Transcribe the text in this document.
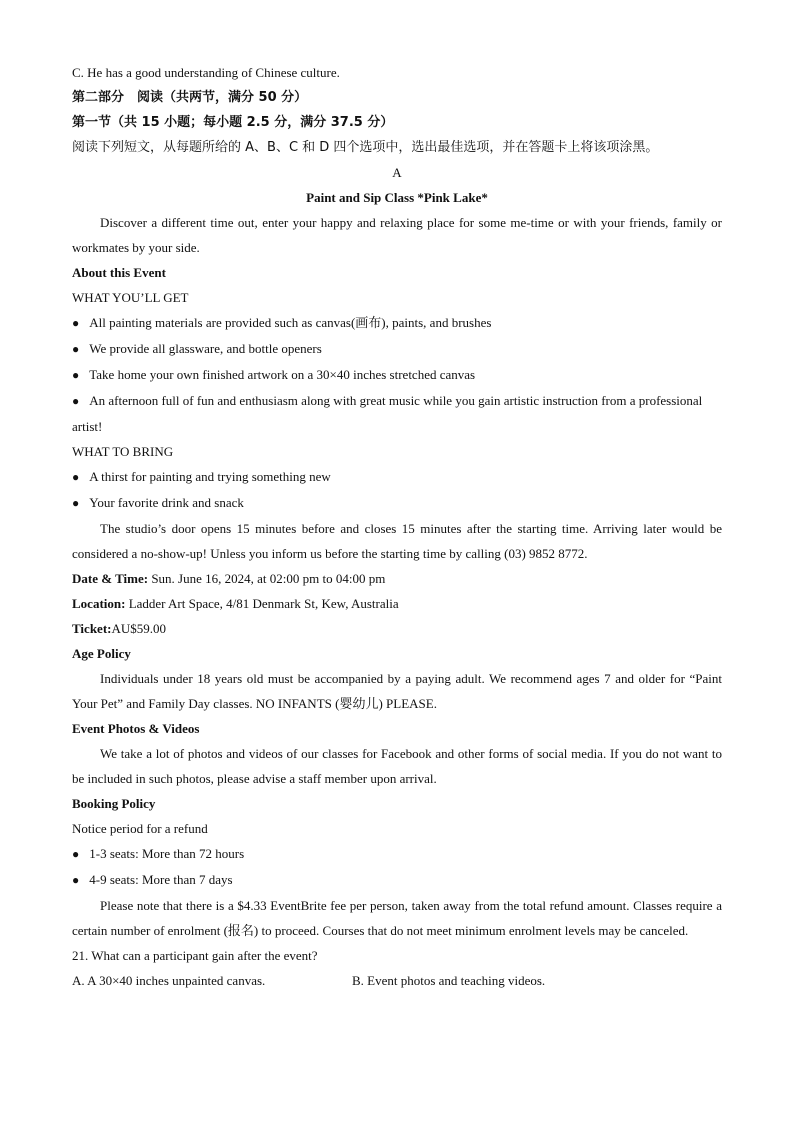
C. He has a good understanding of Chinese culture.
第二部分　阅读（共两节，满分 50 分）
第一节（共 15 小题；每小题 2.5 分，满分 37.5 分）
阅读下列短文，从每题所给的 A、B、C 和 D 四个选项中，选出最佳选项，并在答题卡上将该项涂黑。
A
Paint and Sip Class *Pink Lake*
Discover a different time out, enter your happy and relaxing place for some me-time or with your friends, family or workmates by your side.
About this Event
WHAT YOU’LL GET
● All painting materials are provided such as canvas(画布), paints, and brushes
● We provide all glassware, and bottle openers
● Take home your own finished artwork on a 30×40 inches stretched canvas
● An afternoon full of fun and enthusiasm along with great music while you gain artistic instruction from a professional artist!
WHAT TO BRING
● A thirst for painting and trying something new
● Your favorite drink and snack
The studio’s door opens 15 minutes before and closes 15 minutes after the starting time. Arriving later would be considered a no-show-up! Unless you inform us before the starting time by calling (03) 9852 8772.
Date & Time: Sun. June 16, 2024, at 02:00 pm to 04:00 pm
Location: Ladder Art Space, 4/81 Denmark St, Kew, Australia
Ticket:AU$59.00
Age Policy
Individuals under 18 years old must be accompanied by a paying adult. We recommend ages 7 and older for “Paint Your Pet” and Family Day classes. NO INFANTS (婴幼儿) PLEASE.
Event Photos & Videos
We take a lot of photos and videos of our classes for Facebook and other forms of social media. If you do not want to be included in such photos, please advise a staff member upon arrival.
Booking Policy
Notice period for a refund
● 1-3 seats: More than 72 hours
● 4-9 seats: More than 7 days
Please note that there is a $4.33 EventBrite fee per person, taken away from the total refund amount. Classes require a certain number of enrolment (报名) to proceed. Courses that do not meet minimum enrolment levels may be canceled.
21. What can a participant gain after the event?
A. A 30×40 inches unpainted canvas.	B. Event photos and teaching videos.
